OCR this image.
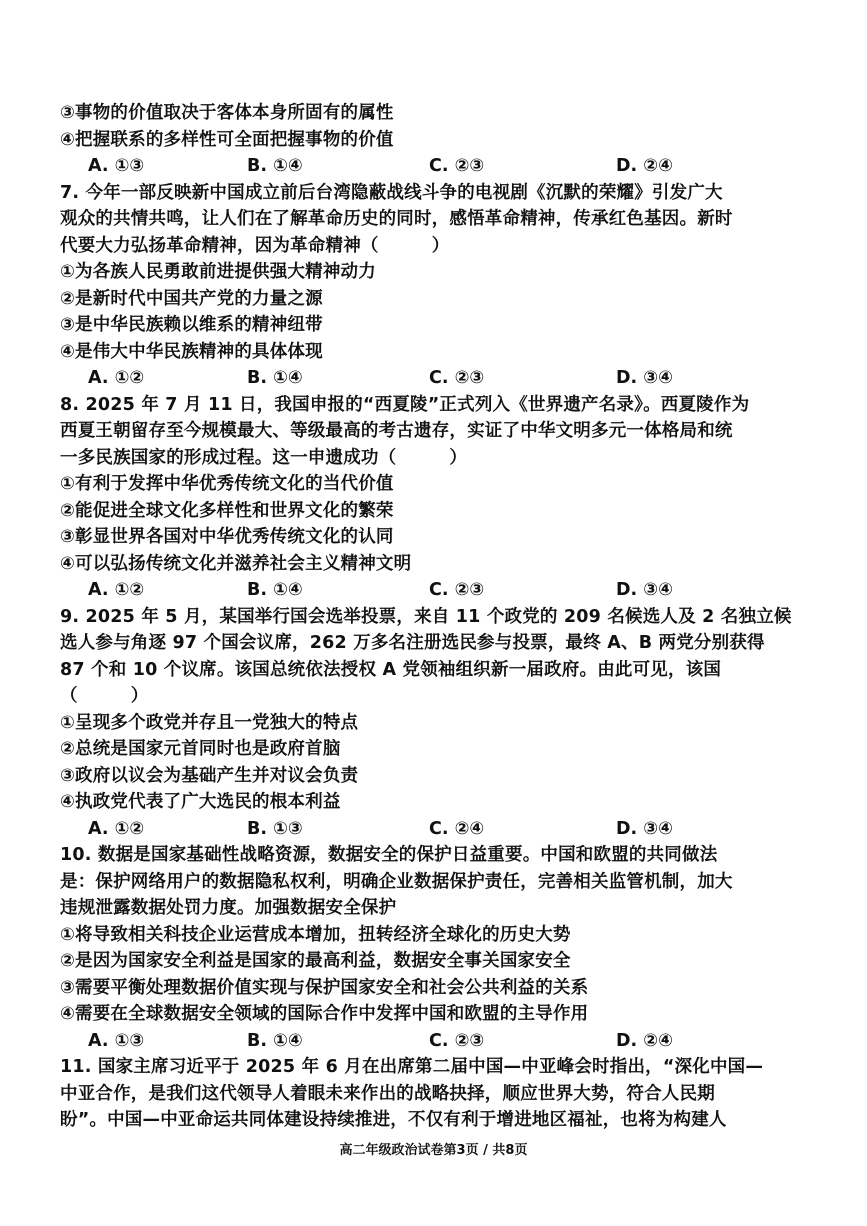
③事物的价值取决于客体本身所固有的属性
④把握联系的多样性可全面把握事物的价值
A. ①③	B. ①④	C. ②③	D. ②④
7. 今年一部反映新中国成立前后台湾隐蔽战线斗争的电视剧《沉默的荣耀》引发广大
观众的共情共鸣，让人们在了解革命历史的同时，感悟革命精神，传承红色基因。新时
代要大力弘扬革命精神，因为革命精神（　　　）
①为各族人民勇敢前进提供强大精神动力
②是新时代中国共产党的力量之源
③是中华民族赖以维系的精神纽带
④是伟大中华民族精神的具体体现
A. ①②	B. ①④	C. ②③	D. ③④
8. 2025 年 7 月 11 日，我国申报的“西夏陵”正式列入《世界遗产名录》。西夏陵作为
西夏王朝留存至今规模最大、等级最高的考古遗存，实证了中华文明多元一体格局和统
一多民族国家的形成过程。这一申遗成功（　　　）
①有利于发挥中华优秀传统文化的当代价值
②能促进全球文化多样性和世界文化的繁荣
③彰显世界各国对中华优秀传统文化的认同
④可以弘扬传统文化并滋养社会主义精神文明
A. ①②	B. ①④	C. ②③	D. ③④
9. 2025 年 5 月，某国举行国会选举投票，来自 11 个政党的 209 名候选人及 2 名独立候
选人参与角逐 97 个国会议席，262 万多名注册选民参与投票，最终 A、B 两党分别获得
87 个和 10 个议席。该国总统依法授权 A 党领袖组织新一届政府。由此可见，该国
（　　　）
①呈现多个政党并存且一党独大的特点
②总统是国家元首同时也是政府首脑
③政府以议会为基础产生并对议会负责
④执政党代表了广大选民的根本利益
A. ①②	B. ①③	C. ②④	D. ③④
10. 数据是国家基础性战略资源，数据安全的保护日益重要。中国和欧盟的共同做法
是：保护网络用户的数据隐私权利，明确企业数据保护责任，完善相关监管机制，加大
违规泄露数据处罚力度。加强数据安全保护
①将导致相关科技企业运营成本增加，扭转经济全球化的历史大势
②是因为国家安全利益是国家的最高利益，数据安全事关国家安全
③需要平衡处理数据价值实现与保护国家安全和社会公共利益的关系
④需要在全球数据安全领域的国际合作中发挥中国和欧盟的主导作用
A. ①③	B. ①④	C. ②③	D. ②④
11. 国家主席习近平于 2025 年 6 月在出席第二届中国—中亚峰会时指出，“深化中国—
中亚合作，是我们这代领导人着眼未来作出的战略抉择，顺应世界大势，符合人民期
盼”。中国—中亚命运共同体建设持续推进，不仅有利于增进地区福祉，也将为构建人
高二年级政治试卷第3页 / 共8页
